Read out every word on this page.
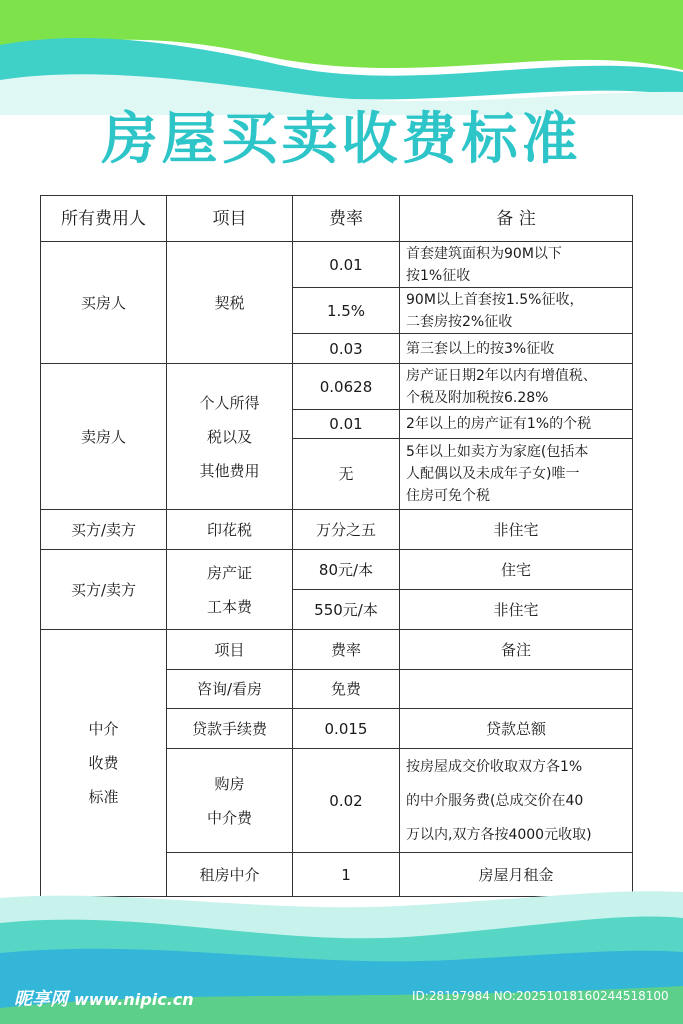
房屋买卖收费标准
所有费用人	项目	费率	备 注
买房人	契税	0.01	首套建筑面积为90M以下
按1%征收

		1.5%	90M以上首套按1.5%征收，
二套房按2%征收

		0.03	第三套以上的按3%征收

卖房人	个人所得
税以及
其他费用	0.0628	房产证日期2年以内有增值税、
个税及附加税按6.28%

		0.01	2年以上的房产证有1%的个税

		无	5年以上如卖方为家庭(包括本
人配偶以及未成年子女)唯一
住房可免个税

买方/卖方	印花税	万分之五	非住宅
买方/卖方	房产证
工本费	80元/本	住宅
		550元/本	非住宅

中介
收费
标准	项目	费率	备注
	咨询/看房	免费	
	贷款手续费	0.015	贷款总额

	购房
中介费	0.02	按房屋成交价收取双方各1%
的中介服务费(总成交价在40
万以内,双方各按4000元收取)

	租房中介	1	房屋月租金
昵享网 www.nipic.cn	ID:28197984 NO:20251018160244518100
